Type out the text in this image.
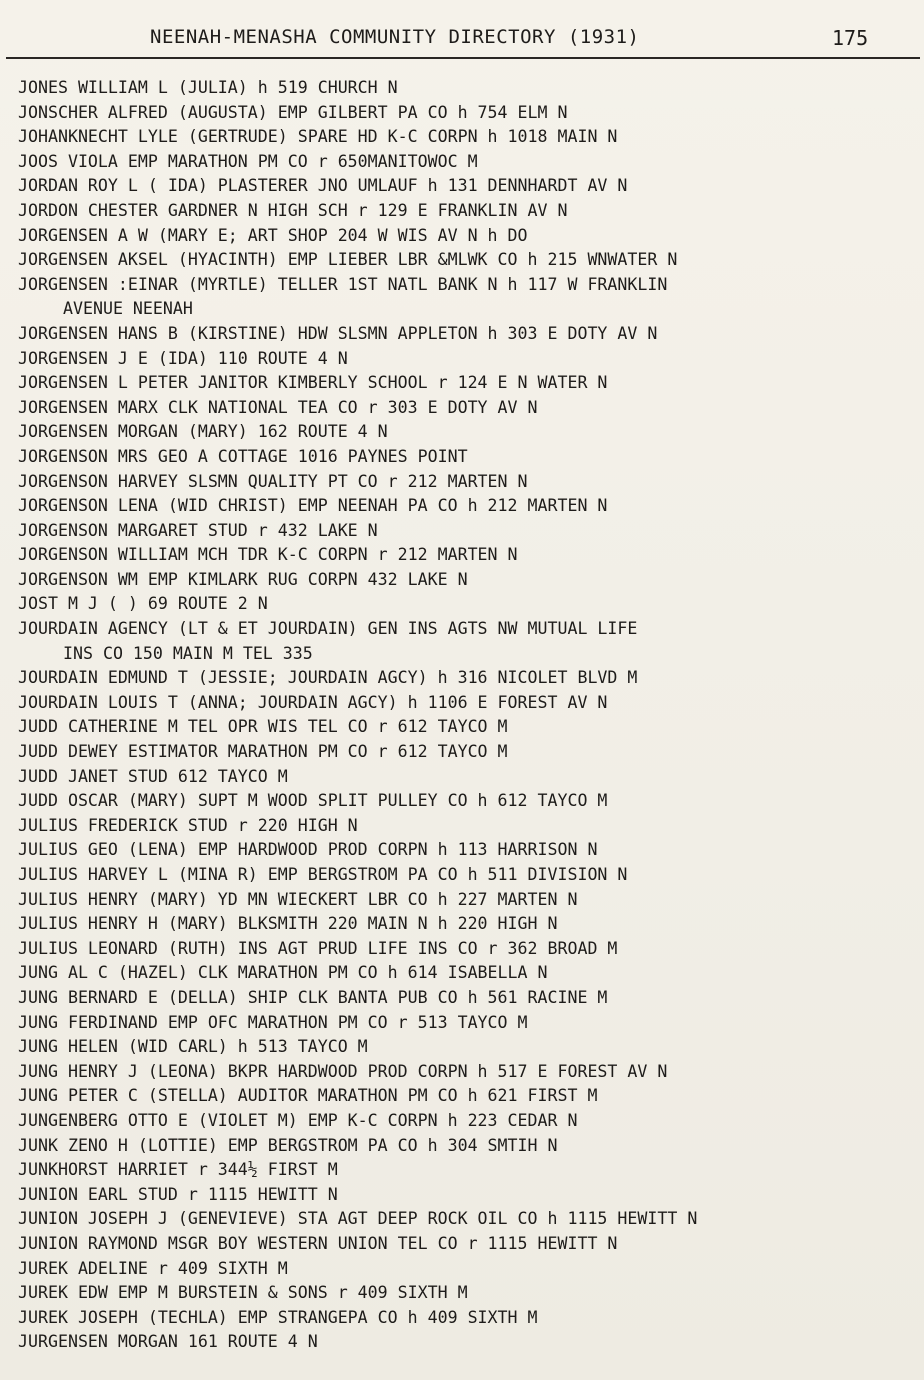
NEENAH-MENASHA COMMUNITY DIRECTORY (1931)	175
JONES WILLIAM L (JULIA) h 519 CHURCH N
JONSCHER ALFRED (AUGUSTA) EMP GILBERT PA CO h 754 ELM N
JOHANKNECHT LYLE (GERTRUDE) SPARE HD K-C CORPN h 1018 MAIN N
JOOS VIOLA EMP MARATHON PM CO r 650MANITOWOC M
JORDAN ROY L ( IDA) PLASTERER JNO UMLAUF h 131 DENNHARDT AV N
JORDON CHESTER GARDNER N HIGH SCH r 129 E FRANKLIN AV N
JORGENSEN A W (MARY E; ART SHOP 204 W WIS AV N h DO
JORGENSEN AKSEL (HYACINTH) EMP LIEBER LBR &MLWK CO h 215 WNWATER N
JORGENSEN :EINAR (MYRTLE) TELLER 1ST NATL BANK N h 117 W FRANKLIN
AVENUE NEENAH
JORGENSEN HANS B (KIRSTINE) HDW SLSMN APPLETON h 303 E DOTY AV N
JORGENSEN J E (IDA) 110 ROUTE 4 N
JORGENSEN L PETER JANITOR KIMBERLY SCHOOL r 124 E N WATER N
JORGENSEN MARX CLK NATIONAL TEA CO r 303 E DOTY AV N
JORGENSEN MORGAN (MARY) 162 ROUTE 4 N
JORGENSON MRS GEO A COTTAGE 1016 PAYNES POINT
JORGENSON HARVEY SLSMN QUALITY PT CO r 212 MARTEN N
JORGENSON LENA (WID CHRIST) EMP NEENAH PA CO h 212 MARTEN N
JORGENSON MARGARET STUD r 432 LAKE N
JORGENSON WILLIAM MCH TDR K-C CORPN r 212 MARTEN N
JORGENSON WM EMP KIMLARK RUG CORPN 432 LAKE N
JOST M J ( ) 69 ROUTE 2 N
JOURDAIN AGENCY (LT & ET JOURDAIN) GEN INS AGTS NW MUTUAL LIFE
INS CO 150 MAIN M TEL 335
JOURDAIN EDMUND T (JESSIE; JOURDAIN AGCY) h 316 NICOLET BLVD M
JOURDAIN LOUIS T (ANNA; JOURDAIN AGCY) h 1106 E FOREST AV N
JUDD CATHERINE M TEL OPR WIS TEL CO r 612 TAYCO M
JUDD DEWEY ESTIMATOR MARATHON PM CO r 612 TAYCO M
JUDD JANET STUD 612 TAYCO M
JUDD OSCAR (MARY) SUPT M WOOD SPLIT PULLEY CO h 612 TAYCO M
JULIUS FREDERICK STUD r 220 HIGH N
JULIUS GEO (LENA) EMP HARDWOOD PROD CORPN h 113 HARRISON N
JULIUS HARVEY L (MINA R) EMP BERGSTROM PA CO h 511 DIVISION N
JULIUS HENRY (MARY) YD MN WIECKERT LBR CO h 227 MARTEN N
JULIUS HENRY H (MARY) BLKSMITH 220 MAIN N h 220 HIGH N
JULIUS LEONARD (RUTH) INS AGT PRUD LIFE INS CO r 362 BROAD M
JUNG AL C (HAZEL) CLK MARATHON PM CO h 614 ISABELLA N
JUNG BERNARD E (DELLA) SHIP CLK BANTA PUB CO h 561 RACINE M
JUNG FERDINAND EMP OFC MARATHON PM CO r 513 TAYCO M
JUNG HELEN (WID CARL) h 513 TAYCO M
JUNG HENRY J (LEONA) BKPR HARDWOOD PROD CORPN h 517 E FOREST AV N
JUNG PETER C (STELLA) AUDITOR MARATHON PM CO h 621 FIRST M
JUNGENBERG OTTO E (VIOLET M) EMP K-C CORPN h 223 CEDAR N
JUNK ZENO H (LOTTIE) EMP BERGSTROM PA CO h 304 SMTIH N
JUNKHORST HARRIET r 344½ FIRST M
JUNION EARL STUD r 1115 HEWITT N
JUNION JOSEPH J (GENEVIEVE) STA AGT DEEP ROCK OIL CO h 1115 HEWITT N
JUNION RAYMOND MSGR BOY WESTERN UNION TEL CO r 1115 HEWITT N
JUREK ADELINE r 409 SIXTH M
JUREK EDW EMP M BURSTEIN & SONS r 409 SIXTH M
JUREK JOSEPH (TECHLA) EMP STRANGEPA CO h 409 SIXTH M
JURGENSEN MORGAN 161 ROUTE 4 N
